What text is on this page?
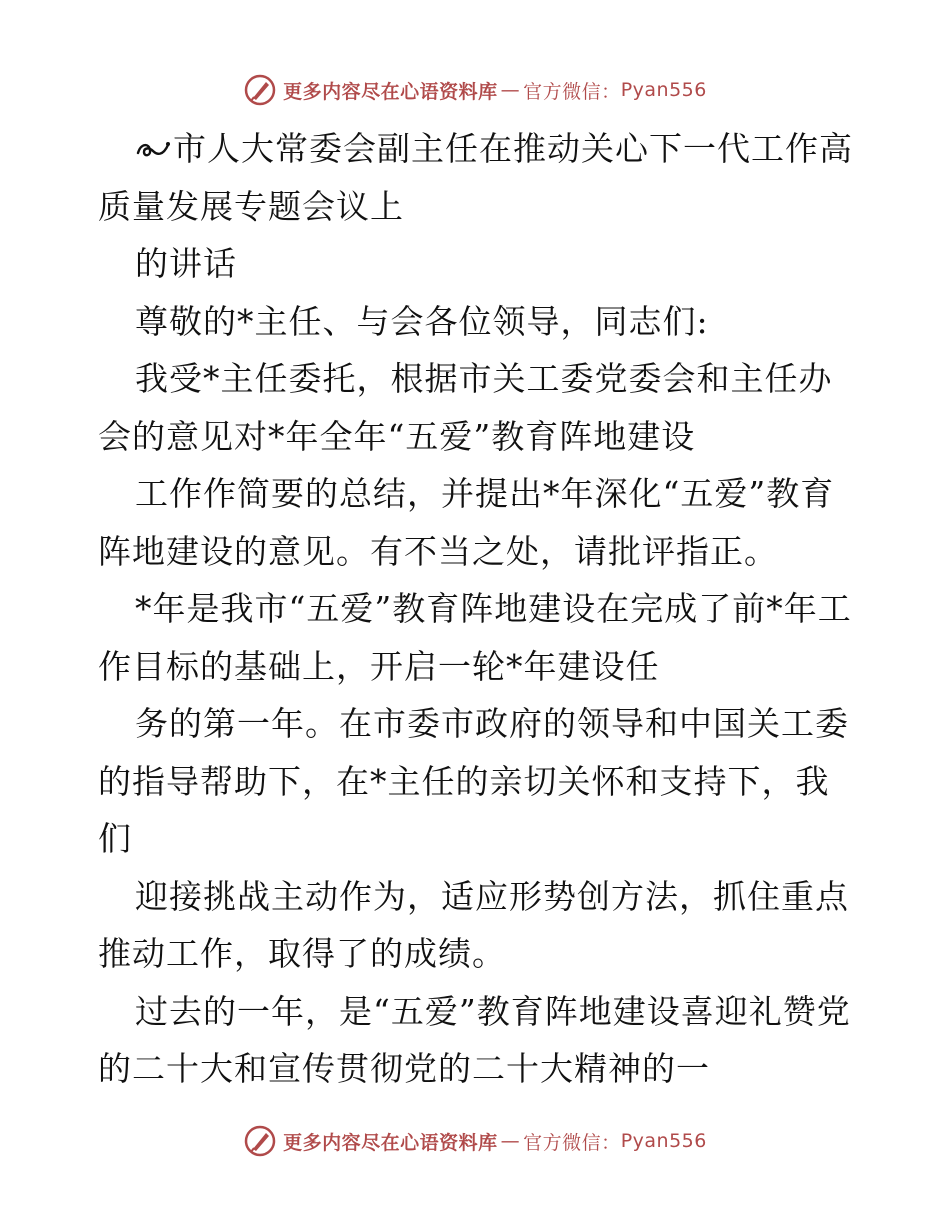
更多内容尽在心语资料库 — 官方微信： Pyan556

市人大常委会副主任在推动关心下一代工作高质量发展专题会议上

的讲话

尊敬的*主任、与会各位领导，同志们:

我受*主任委托，根据市关工委党委会和主任办会的意见对*年全年“五爱”教育阵地建设

工作作简要的总结，并提出*年深化“五爱”教育阵地建设的意见。有不当之处，请批评指正。

*年是我市“五爱”教育阵地建设在完成了前*年工作目标的基础上，开启一轮*年建设任

务的第一年。在市委市政府的领导和中国关工委的指导帮助下，在*主任的亲切关怀和支持下，我们

迎接挑战主动作为，适应形势创方法，抓住重点推动工作，取得了的成绩。

过去的一年，是“五爱”教育阵地建设喜迎礼赞党的二十大和宣传贯彻党的二十大精神的一

更多内容尽在心语资料库 — 官方微信： Pyan556
